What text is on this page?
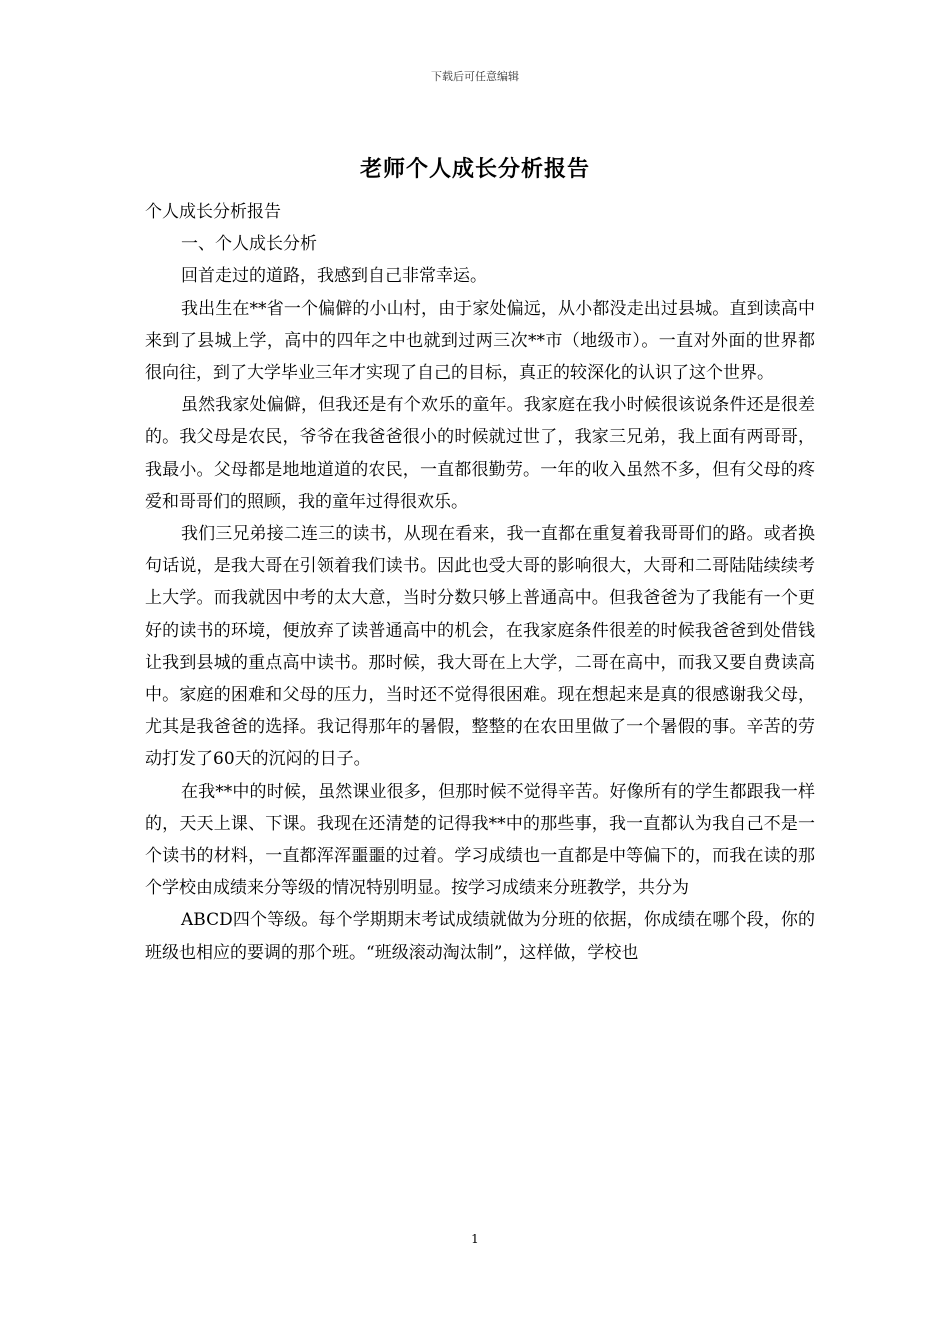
下载后可任意编辑
老师个人成长分析报告

个人成长分析报告

一、个人成长分析

回首走过的道路，我感到自己非常幸运。

我出生在**省一个偏僻的小山村，由于家处偏远，从小都没走出过县城。直到读高中来到了县城上学，高中的四年之中也就到过两三次**市（地级市）。一直对外面的世界都很向往，到了大学毕业三年才实现了自己的目标，真正的较深化的认识了这个世界。

虽然我家处偏僻，但我还是有个欢乐的童年。我家庭在我小时候很该说条件还是很差的。我父母是农民，爷爷在我爸爸很小的时候就过世了，我家三兄弟，我上面有两哥哥，我最小。父母都是地地道道的农民，一直都很勤劳。一年的收入虽然不多，但有父母的疼爱和哥哥们的照顾，我的童年过得很欢乐。

我们三兄弟接二连三的读书，从现在看来，我一直都在重复着我哥哥们的路。或者换句话说，是我大哥在引领着我们读书。因此也受大哥的影响很大，大哥和二哥陆陆续续考上大学。而我就因中考的太大意，当时分数只够上普通高中。但我爸爸为了我能有一个更好的读书的环境，便放弃了读普通高中的机会，在我家庭条件很差的时候我爸爸到处借钱让我到县城的重点高中读书。那时候，我大哥在上大学，二哥在高中，而我又要自费读高中。家庭的困难和父母的压力，当时还不觉得很困难。现在想起来是真的很感谢我父母，尤其是我爸爸的选择。我记得那年的暑假，整整的在农田里做了一个暑假的事。辛苦的劳动打发了60天的沉闷的日子。

在我**中的时候，虽然课业很多，但那时候不觉得辛苦。好像所有的学生都跟我一样的，天天上课、下课。我现在还清楚的记得我**中的那些事，我一直都认为我自己不是一个读书的材料，一直都浑浑噩噩的过着。学习成绩也一直都是中等偏下的，而我在读的那个学校由成绩来分等级的情况特别明显。按学习成绩来分班教学，共分为

ABCD四个等级。每个学期期末考试成绩就做为分班的依据，你成绩在哪个段，你的班级也相应的要调的那个班。“班级滚动淘汰制”，这样做，学校也

1
